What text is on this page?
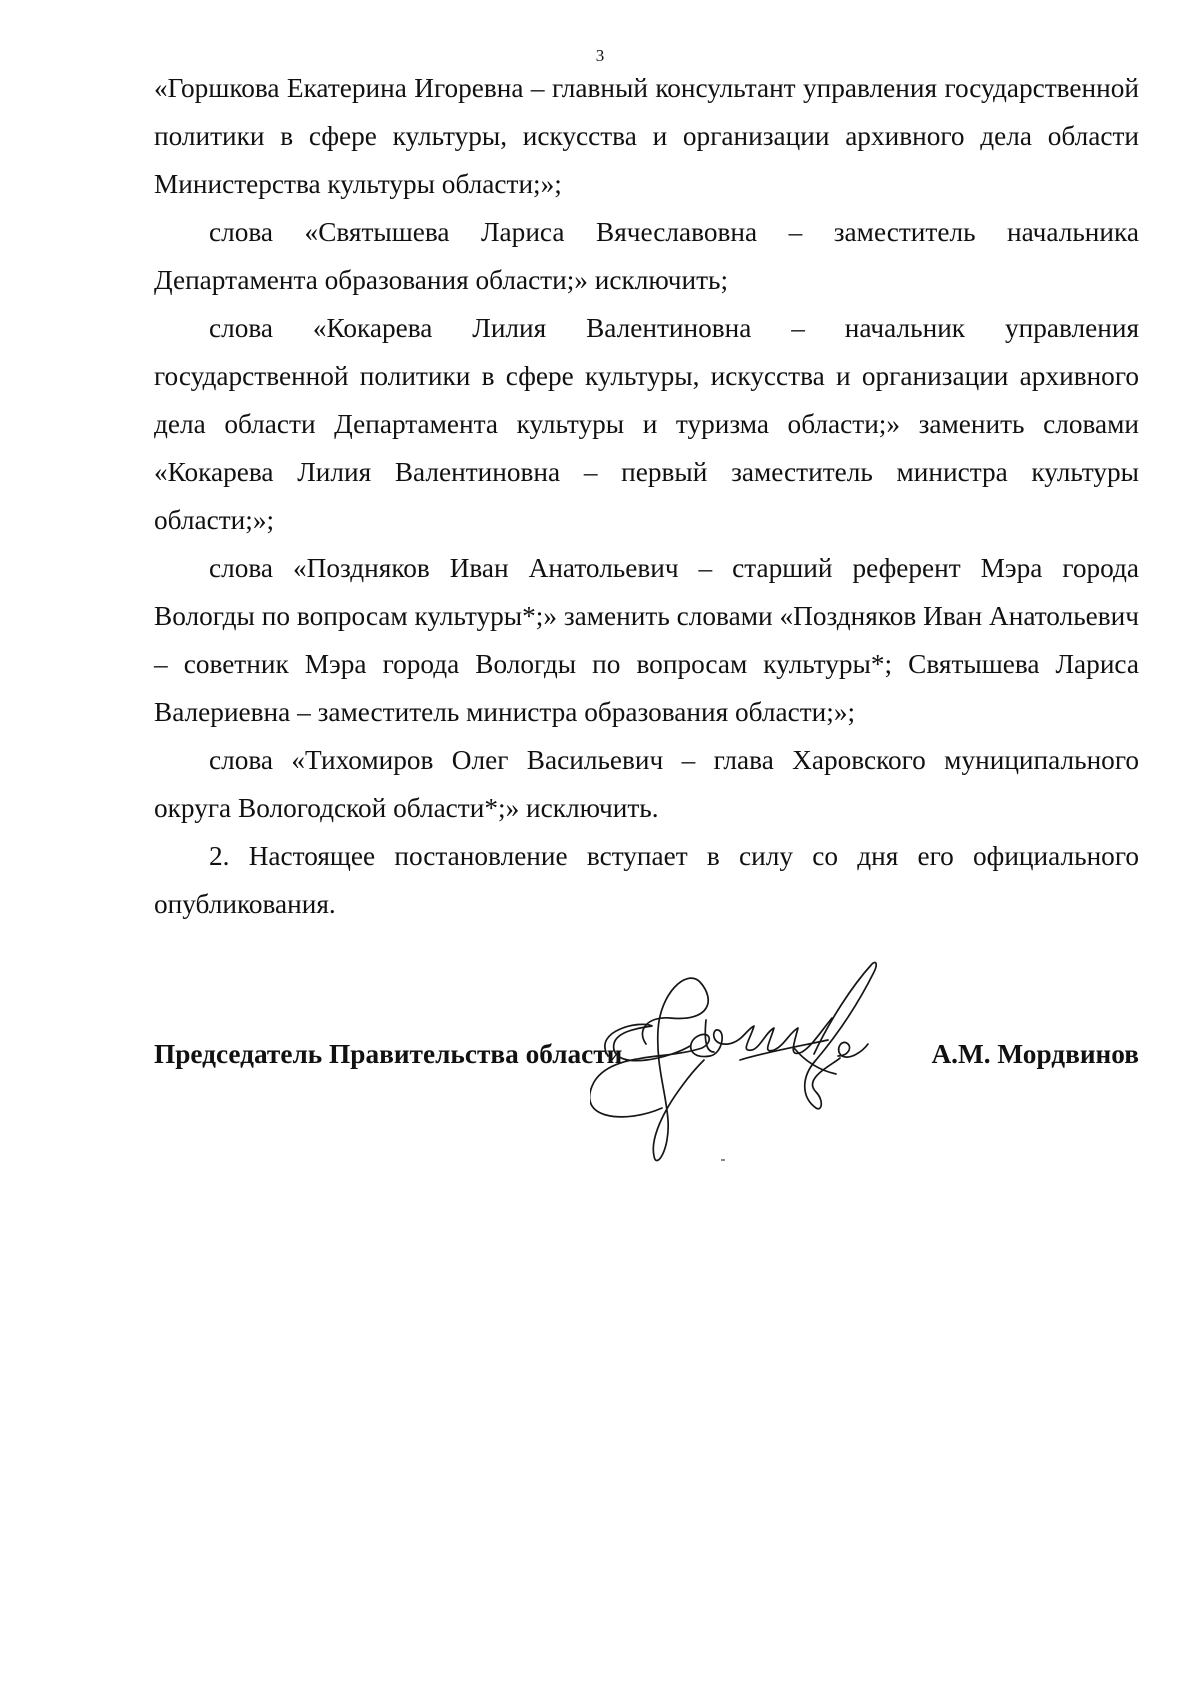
3

«Горшкова Екатерина Игоревна – главный консультант управления государственной политики в сфере культуры, искусства и организации архивного дела области Министерства культуры области;»;

слова «Святышева Лариса Вячеславовна – заместитель начальника Департамента образования области;» исключить;

слова «Кокарева Лилия Валентиновна – начальник управления государственной политики в сфере культуры, искусства и организации архивного дела области Департамента культуры и туризма области;» заменить словами «Кокарева Лилия Валентиновна – первый заместитель министра культуры области;»;

слова «Поздняков Иван Анатольевич – старший референт Мэра города Вологды по вопросам культуры*;» заменить словами «Поздняков Иван Анатольевич – советник Мэра города Вологды по вопросам культуры*; Святышева Лариса Валериевна – заместитель министра образования области;»;

слова «Тихомиров Олег Васильевич – глава Харовского муниципального округа Вологодской области*;» исключить.

2. Настоящее постановление вступает в силу со дня его официального опубликования.

Председатель Правительства области	А.М. Мордвинов
